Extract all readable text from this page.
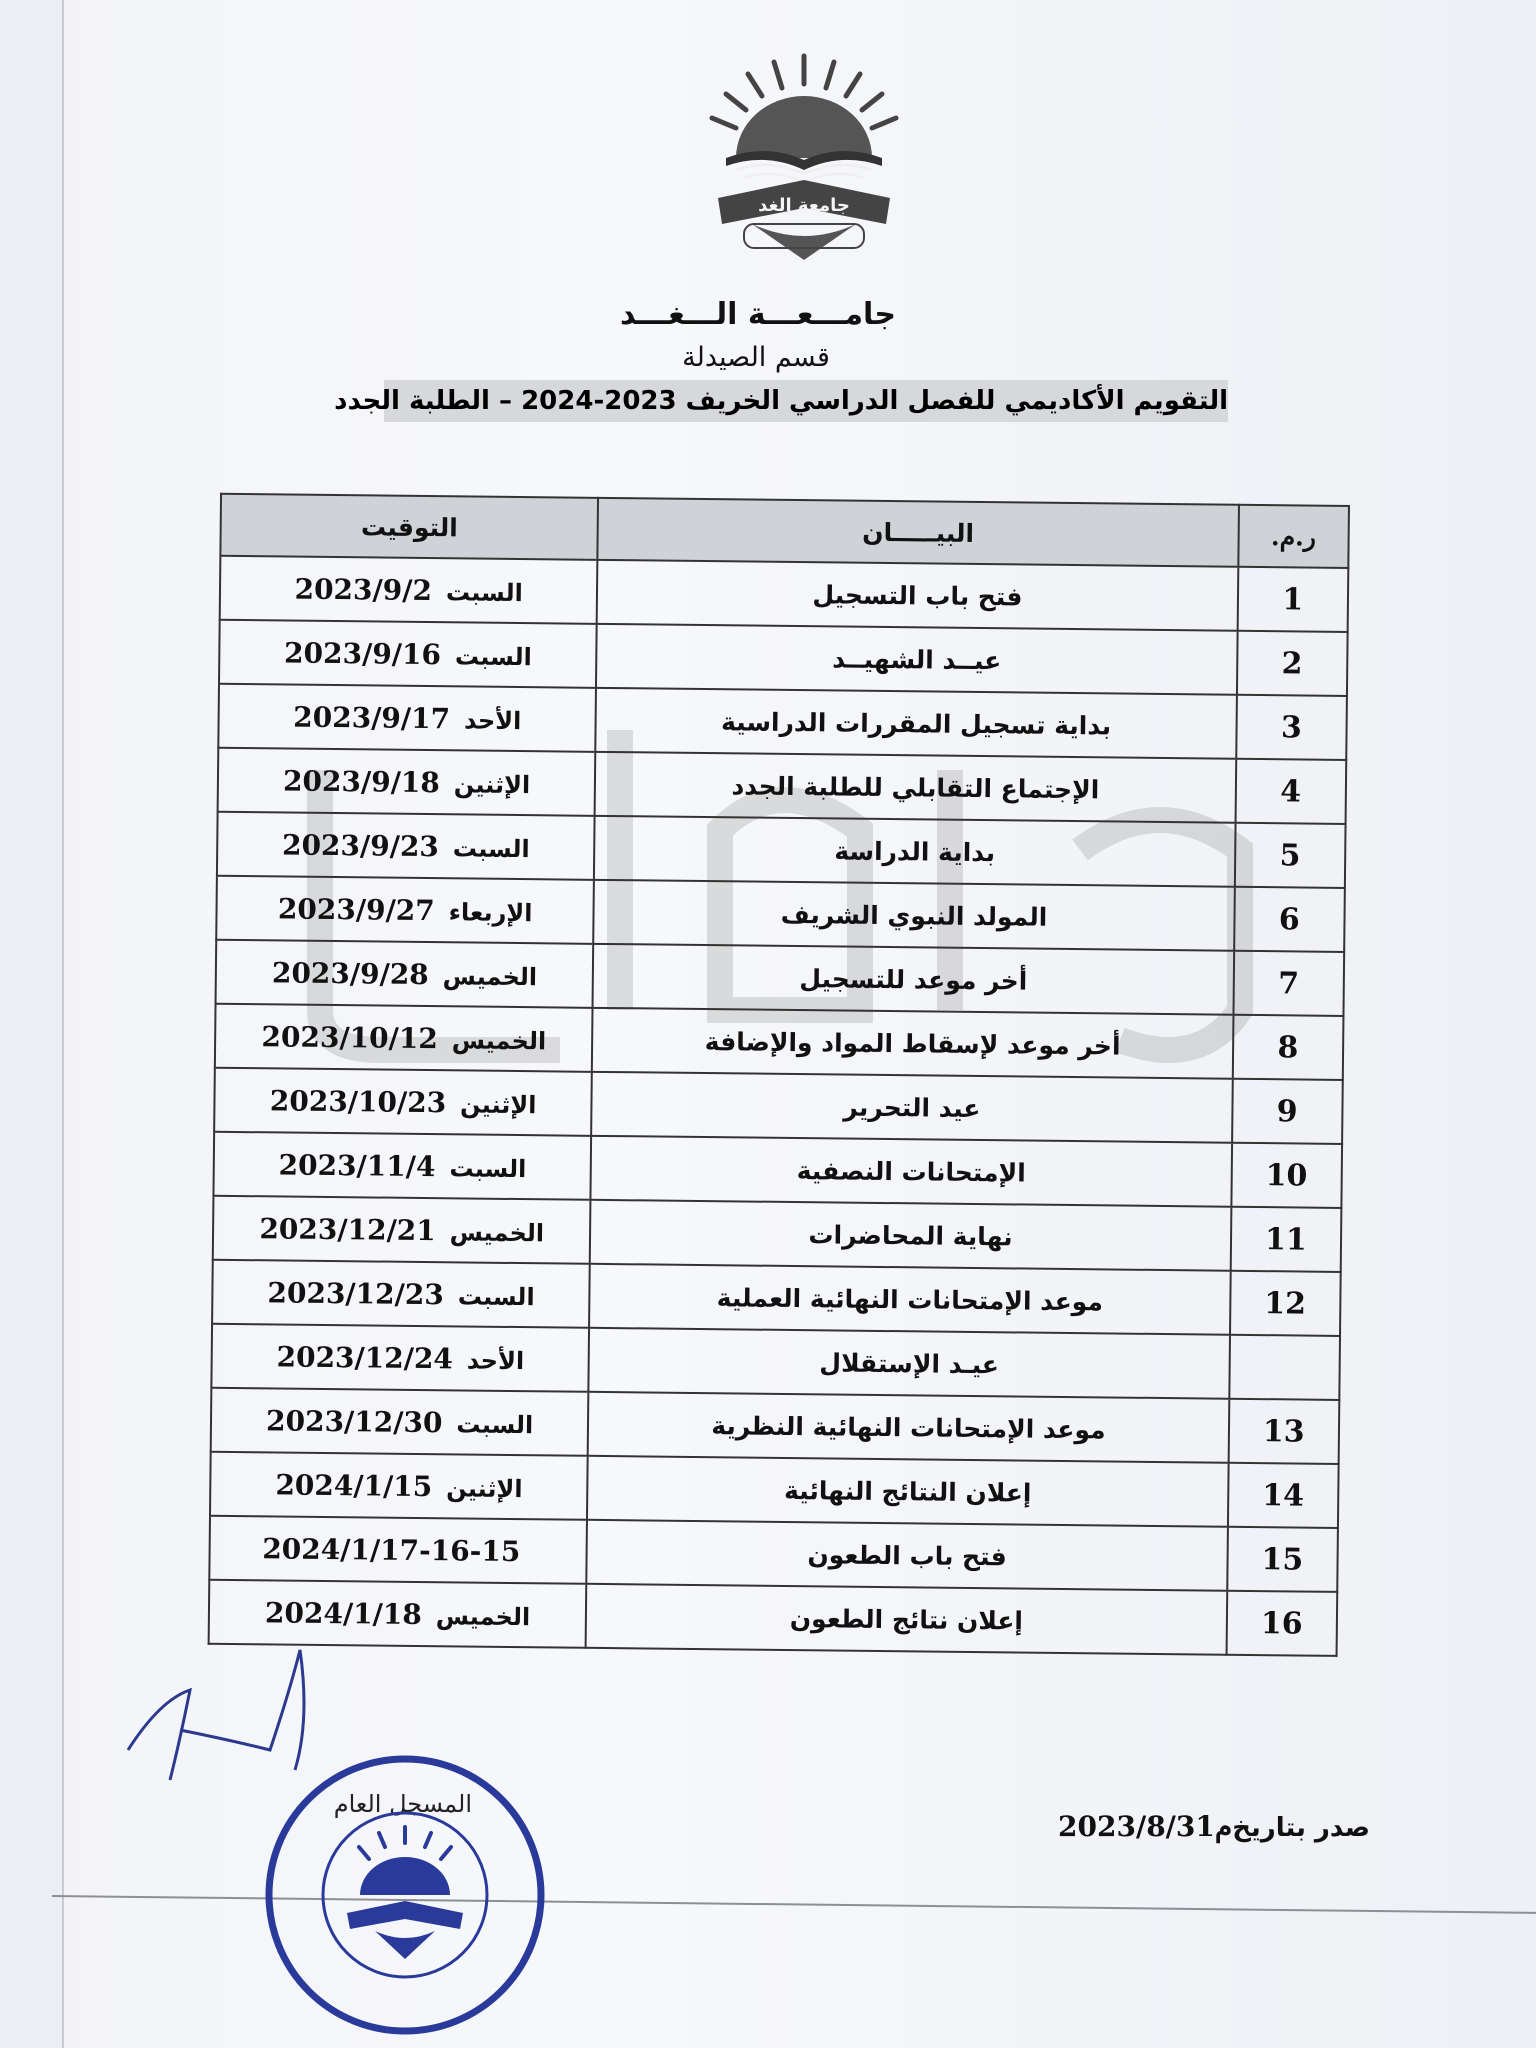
جامعة الغد
جامـــعـــة الـــغـــد
قسم الصيدلة
التقويم الأكاديمي للفصل الدراسي الخريف 2023-2024 – الطلبة الجدد
ر.م.	البيـــــان	التوقيت
1	فتح باب التسجيل	السبت2023/9/2
2	عيــد الشهيــد	السبت2023/9/16
3	بداية تسجيل المقررات الدراسية	الأحد2023/9/17
4	الإجتماع التقابلي للطلبة الجدد	الإثنين2023/9/18
5	بداية الدراسة	السبت2023/9/23
6	المولد النبوي الشريف	الإربعاء2023/9/27
7	أخر موعد للتسجيل	الخميس2023/9/28
8	أخر موعد لإسقاط المواد والإضافة	الخميس2023/10/12
9	عيد التحرير	الإثنين2023/10/23
10	الإمتحانات النصفية	السبت2023/11/4
11	نهاية المحاضرات	الخميس2023/12/21
12	موعد الإمتحانات النهائية العملية	السبت2023/12/23
	عيـد الإستقلال	الأحد2023/12/24
13	موعد الإمتحانات النهائية النظرية	السبت2023/12/30
14	إعلان النتائج النهائية	الإثنين2024/1/15
15	فتح باب الطعون	2024/1/17-16-15
16	إعلان نتائج الطعون	الخميس2024/1/18
صدر بتاريخ2023/8/31م
المسجل العام
